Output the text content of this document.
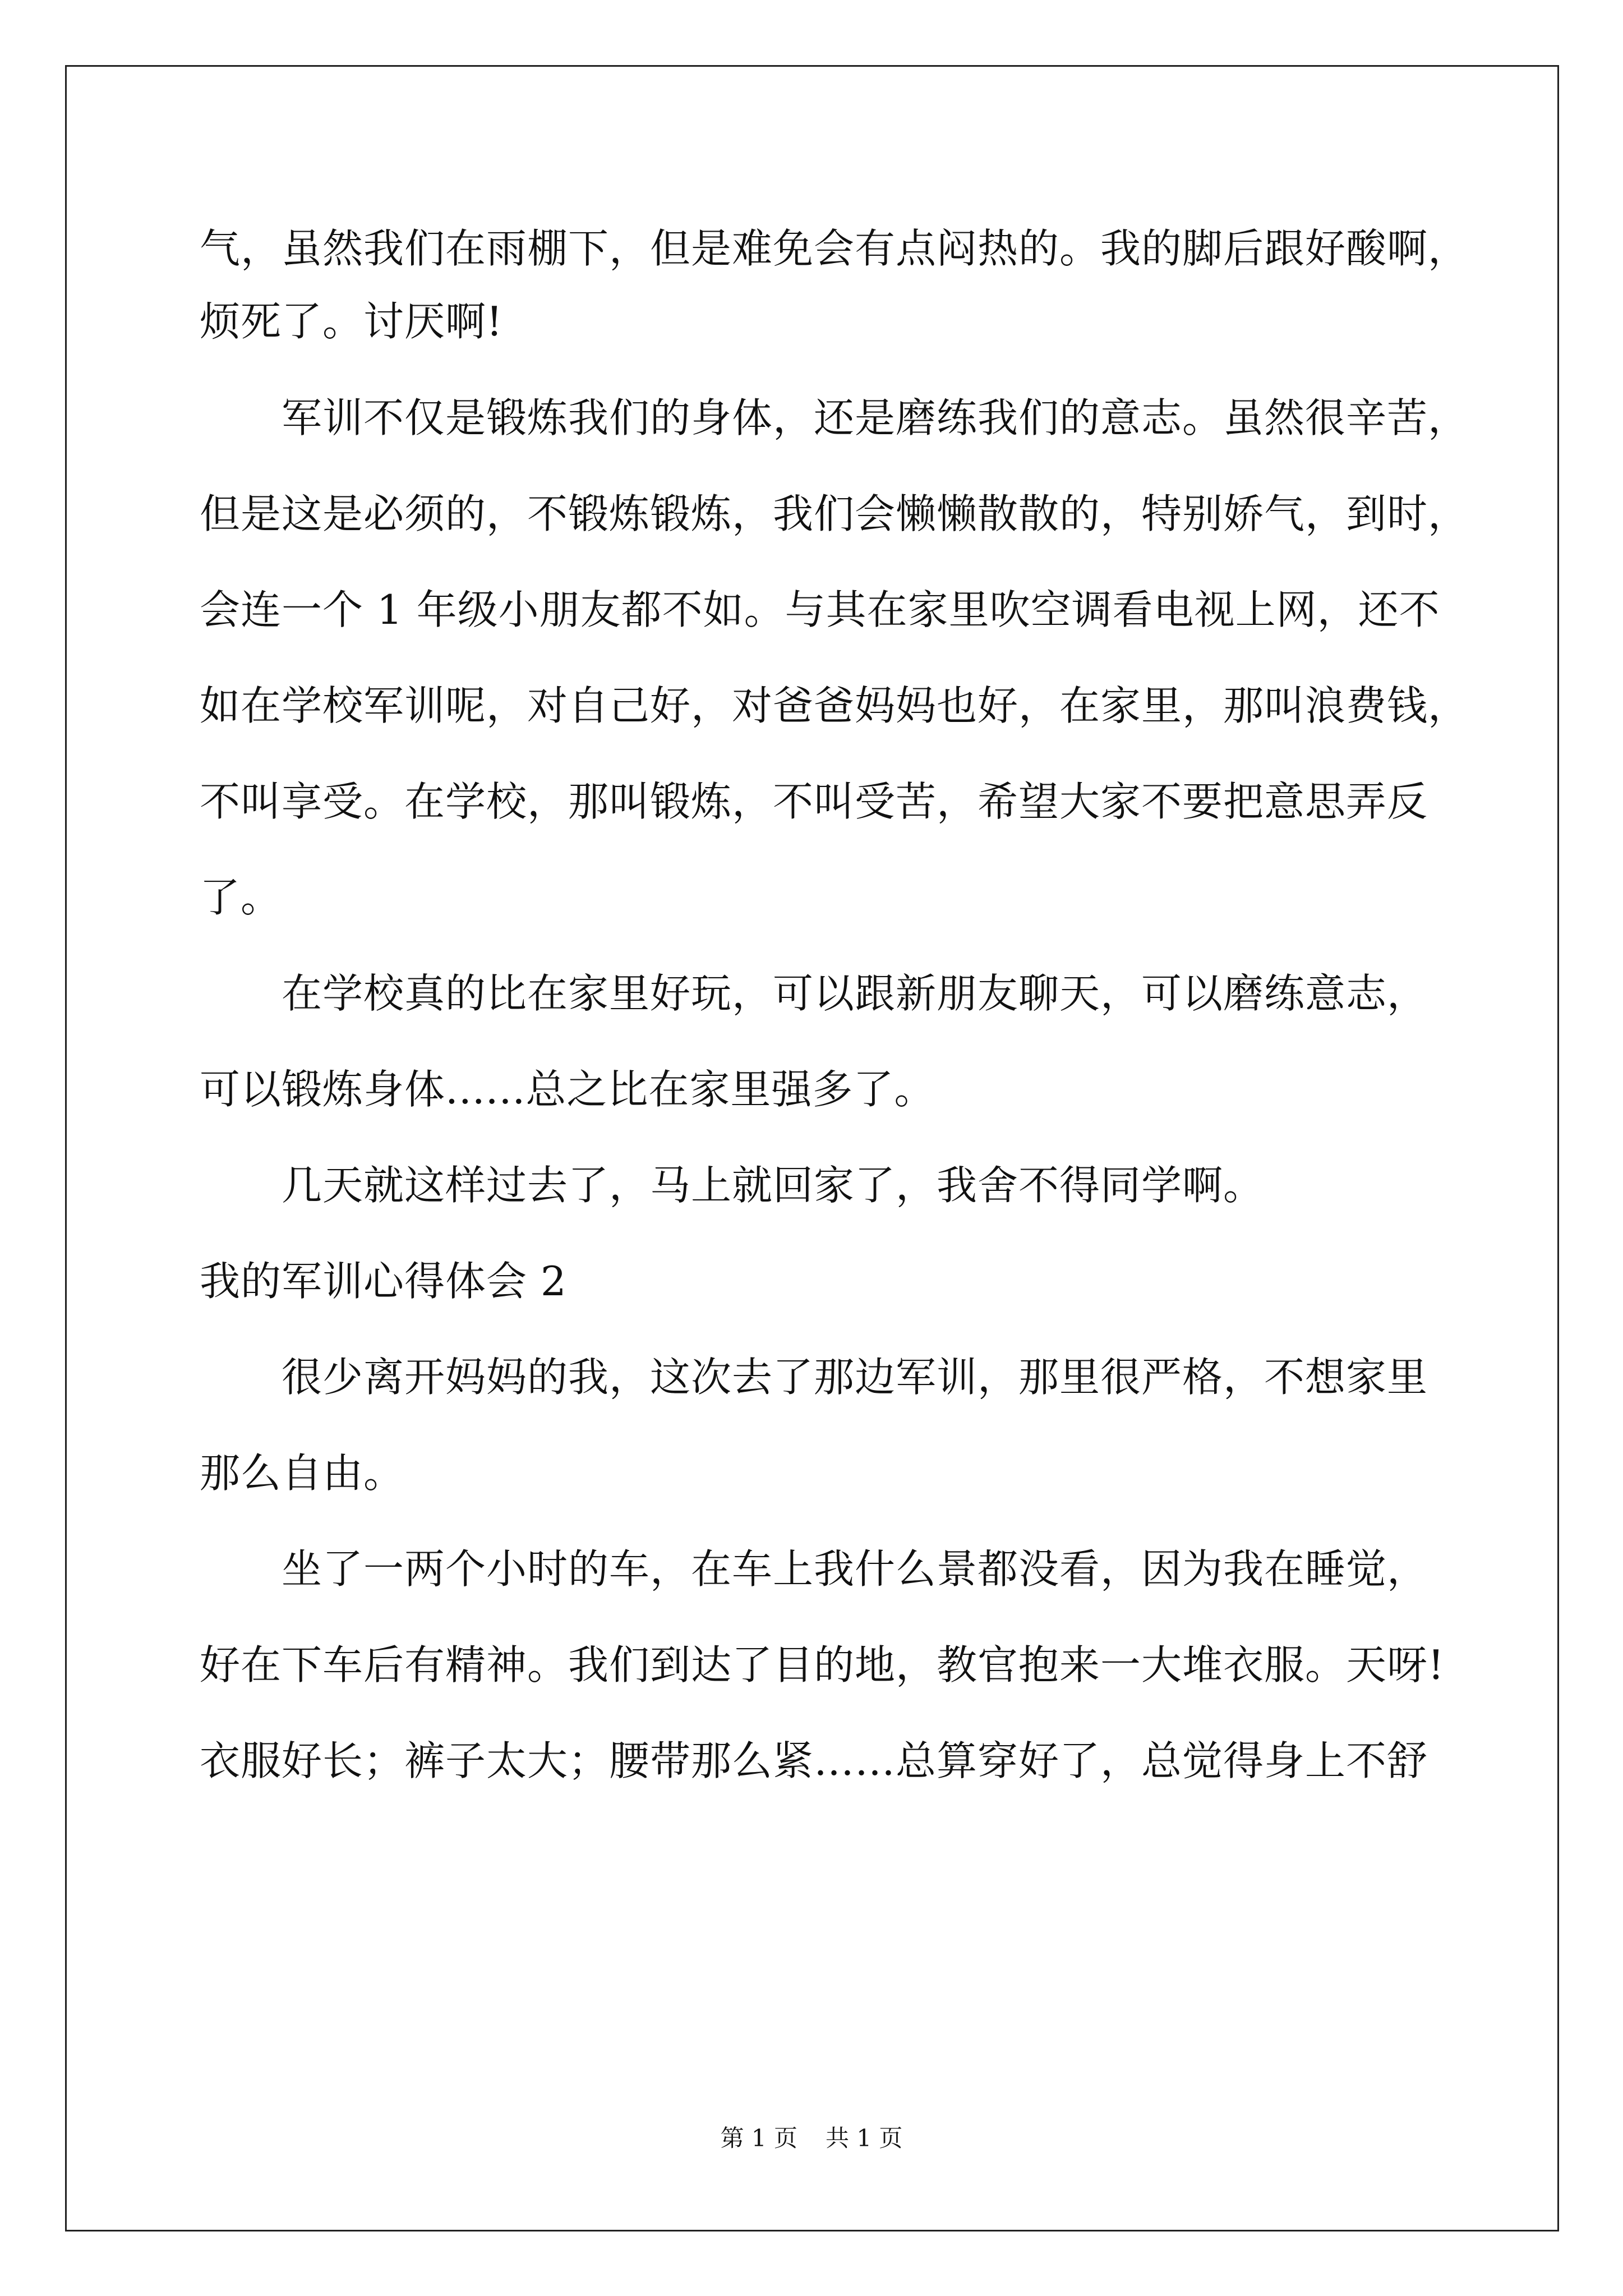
气，虽然我们在雨棚下，但是难免会有点闷热的。我的脚后跟好酸啊，
烦死了。讨厌啊!
军训不仅是锻炼我们的身体，还是磨练我们的意志。虽然很辛苦，
但是这是必须的，不锻炼锻炼，我们会懒懒散散的，特别娇气，到时，
会连一个 1 年级小朋友都不如。与其在家里吹空调看电视上网，还不
如在学校军训呢，对自己好，对爸爸妈妈也好，在家里，那叫浪费钱，
不叫享受。在学校，那叫锻炼，不叫受苦，希望大家不要把意思弄反
了。
在学校真的比在家里好玩，可以跟新朋友聊天，可以磨练意志，
可以锻炼身体......总之比在家里强多了。
几天就这样过去了，马上就回家了，我舍不得同学啊。
我的军训心得体会 2
很少离开妈妈的我，这次去了那边军训，那里很严格，不想家里
那么自由。
坐了一两个小时的车，在车上我什么景都没看，因为我在睡觉，
好在下车后有精神。我们到达了目的地，教官抱来一大堆衣服。天呀!
衣服好长；裤子太大；腰带那么紧……总算穿好了，总觉得身上不舒
第 1 页 共 1 页
